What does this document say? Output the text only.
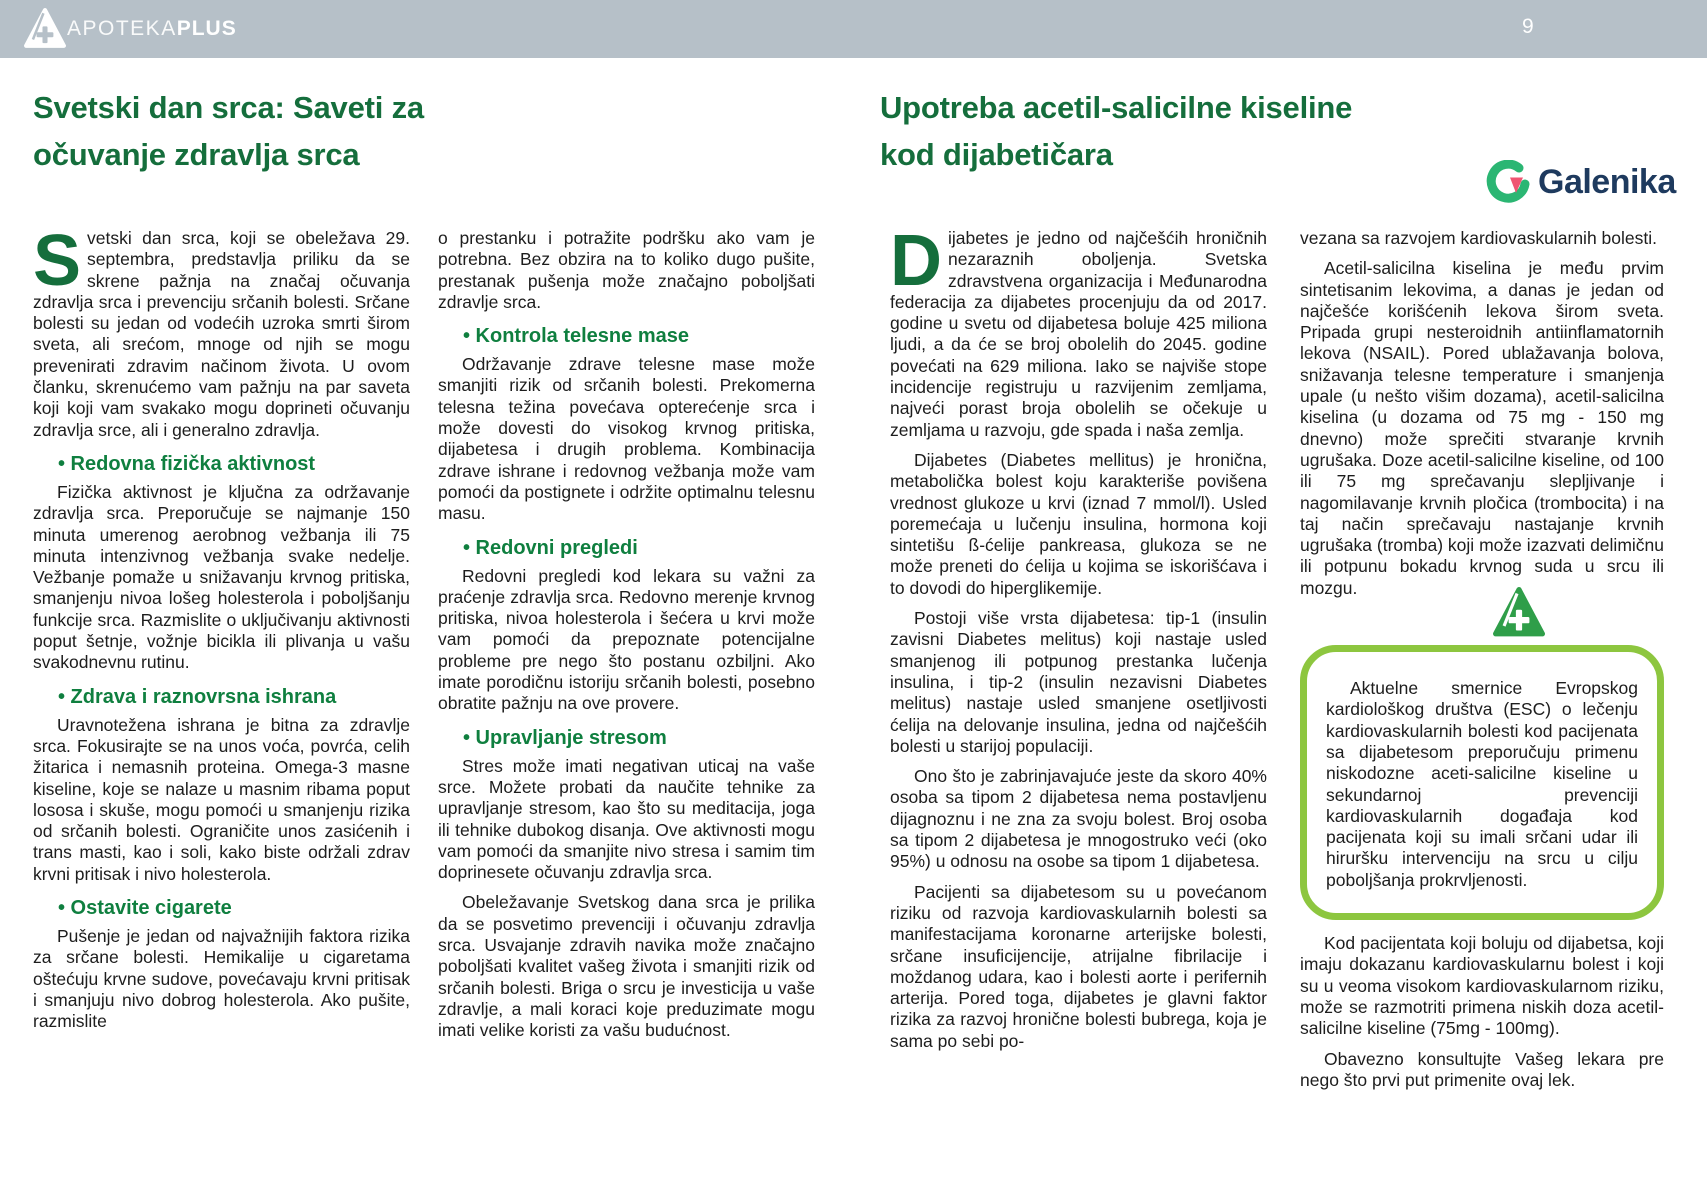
APOTEKAPLUS	9
Svetski dan srca: Saveti za
očuvanje zdravlja srca

Svetski dan srca, koji se obeležava 29. septembra, predstavlja priliku da se skrene pažnja na značaj očuvanja zdravlja srca i prevenciju srčanih bolesti. Srčane bolesti su jedan od vodećih uzroka smrti širom sveta, ali srećom, mnoge od njih se mogu prevenirati zdravim načinom života. U ovom članku, skrenućemo vam pažnju na par saveta koji koji vam svakako mogu doprineti očuvanju zdravlja srce, ali i generalno zdravlja.

• Redovna fizička aktivnost

Fizička aktivnost je ključna za održavanje zdravlja srca. Preporučuje se najmanje 150 minuta umerenog aerobnog vežbanja ili 75 minuta intenzivnog vežbanja svake nedelje. Vežbanje pomaže u snižavanju krvnog pritiska, smanjenju nivoa lošeg holesterola i poboljšanju funkcije srca. Razmislite o uključivanju aktivnosti poput šetnje, vožnje bicikla ili plivanja u vašu svakodnevnu rutinu.

• Zdrava i raznovrsna ishrana

Uravnotežena ishrana je bitna za zdravlje srca. Fokusirajte se na unos voća, povrća, celih žitarica i nemasnih proteina. Omega-3 masne kiseline, koje se nalaze u masnim ribama poput lososa i skuše, mogu pomoći u smanjenju rizika od srčanih bolesti. Ograničite unos zasićenih i trans masti, kao i soli, kako biste održali zdrav krvni pritisak i nivo holesterola.

• Ostavite cigarete

Pušenje je jedan od najvažnijih faktora rizika za srčane bolesti. Hemikalije u cigaretama oštećuju krvne sudove, povećavaju krvni pritisak i smanjuju nivo dobrog holesterola. Ako pušite, razmislite

o prestanku i potražite podršku ako vam je potrebna. Bez obzira na to koliko dugo pušite, prestanak pušenja može značajno poboljšati zdravlje srca.

• Kontrola telesne mase

Održavanje zdrave telesne mase može smanjiti rizik od srčanih bolesti. Prekomerna telesna težina povećava opterećenje srca i može dovesti do visokog krvnog pritiska, dijabetesa i drugih problema. Kombinacija zdrave ishrane i redovnog vežbanja može vam pomoći da postignete i održite optimalnu telesnu masu.

• Redovni pregledi

Redovni pregledi kod lekara su važni za praćenje zdravlja srca. Redovno merenje krvnog pritiska, nivoa holesterola i šećera u krvi može vam pomoći da prepoznate potencijalne probleme pre nego što postanu ozbiljni. Ako imate porodičnu istoriju srčanih bolesti, posebno obratite pažnju na ove provere.

• Upravljanje stresom

Stres može imati negativan uticaj na vaše srce. Možete probati da naučite tehnike za upravljanje stresom, kao što su meditacija, joga ili tehnike dubokog disanja. Ove aktivnosti mogu vam pomoći da smanjite nivo stresa i samim tim doprinesete očuvanju zdravlja srca.

Obeležavanje Svetskog dana srca je prilika da se posvetimo prevenciji i očuvanju zdravlja srca. Usvajanje zdravih navika može značajno poboljšati kvalitet vašeg života i smanjiti rizik od srčanih bolesti. Briga o srcu je investicija u vaše zdravlje, a mali koraci koje preduzimate mogu imati velike koristi za vašu budućnost.

Upotreba acetil-salicilne kiseline
kod dijabetičara
Galenika

Dijabetes je jedno od najčešćih hroničnih nezaraznih oboljenja. Svetska zdravstvena organizacija i Međunarodna federacija za dijabetes procenjuju da od 2017. godine u svetu od dijabetesa boluje 425 miliona ljudi, a da će se broj obolelih do 2045. godine povećati na 629 miliona. Iako se najviše stope incidencije registruju u razvijenim zemljama, najveći porast broja obolelih se očekuje u zemljama u razvoju, gde spada i naša zemlja.

Dijabetes (Diabetes mellitus) je hronična, metabolička bolest koju karakteriše povišena vrednost glukoze u krvi (iznad 7 mmol/l). Usled poremećaja u lučenju insulina, hormona koji sintetišu ß-ćelije pankreasa, glukoza se ne može preneti do ćelija u kojima se iskorišćava i to dovodi do hiperglikemije.

Postoji više vrsta dijabetesa: tip-1 (insulin zavisni Diabetes melitus) koji nastaje usled smanjenog ili potpunog prestanka lučenja insulina, i tip-2 (insulin nezavisni Diabetes melitus) nastaje usled smanjene osetljivosti ćelija na delovanje insulina, jedna od najčešćih bolesti u starijoj populaciji.

Ono što je zabrinjavajuće jeste da skoro 40% osoba sa tipom 2 dijabetesa nema postavljenu dijagnoznu i ne zna za svoju bolest. Broj osoba sa tipom 2 dijabetesa je mnogostruko veći (oko 95%) u odnosu na osobe sa tipom 1 dijabetesa.

Pacijenti sa dijabetesom su u povećanom riziku od razvoja kardiovaskularnih bolesti sa manifestacijama koronarne arterijske bolesti, srčane insuficijencije, atrijalne fibrilacije i moždanog udara, kao i bolesti aorte i perifernih arterija. Pored toga, dijabetes je glavni faktor rizika za razvoj hronične bolesti bubrega, koja je sama po sebi po-

vezana sa razvojem kardiovaskularnih bolesti.

Acetil-salicilna kiselina je među prvim sintetisanim lekovima, a danas je jedan od najčešće korišćenih lekova širom sveta. Pripada grupi nesteroidnih antiinflamatornih lekova (NSAIL). Pored ublažavanja bolova, snižavanja telesne temperature i smanjenja upale (u nešto višim dozama), acetil-salicilna kiselina (u dozama od 75 mg - 150 mg dnevno) može sprečiti stvaranje krvnih ugrušaka. Doze acetil-salicilne kiseline, od 100 ili 75 mg sprečavanju slepljivanje i nagomilavanje krvnih pločica (trombocita) i na taj način sprečavaju nastajanje krvnih ugrušaka (tromba) koji može izazvati delimičnu ili potpunu bokadu krvnog suda u srcu ili mozgu.

Aktuelne smernice Evropskog kardiološkog društva (ESC) o lečenju kardiovaskularnih bolesti kod pacijenata sa dijabetesom preporučuju primenu niskodozne aceti-salicilne kiseline u sekundarnoj prevenciji kardiovaskularnih događaja kod pacijenata koji su imali srčani udar ili hiruršku intervenciju na srcu u cilju poboljšanja prokrvljenosti.

Kod pacijentata koji boluju od dijabetsa, koji imaju dokazanu kardiovaskularnu bolest i koji su u veoma visokom kardiovaskularnom riziku, može se razmotriti primena niskih doza acetil-salicilne kiseline (75mg - 100mg).

Obavezno konsultujte Vašeg lekara pre nego što prvi put primenite ovaj lek.
